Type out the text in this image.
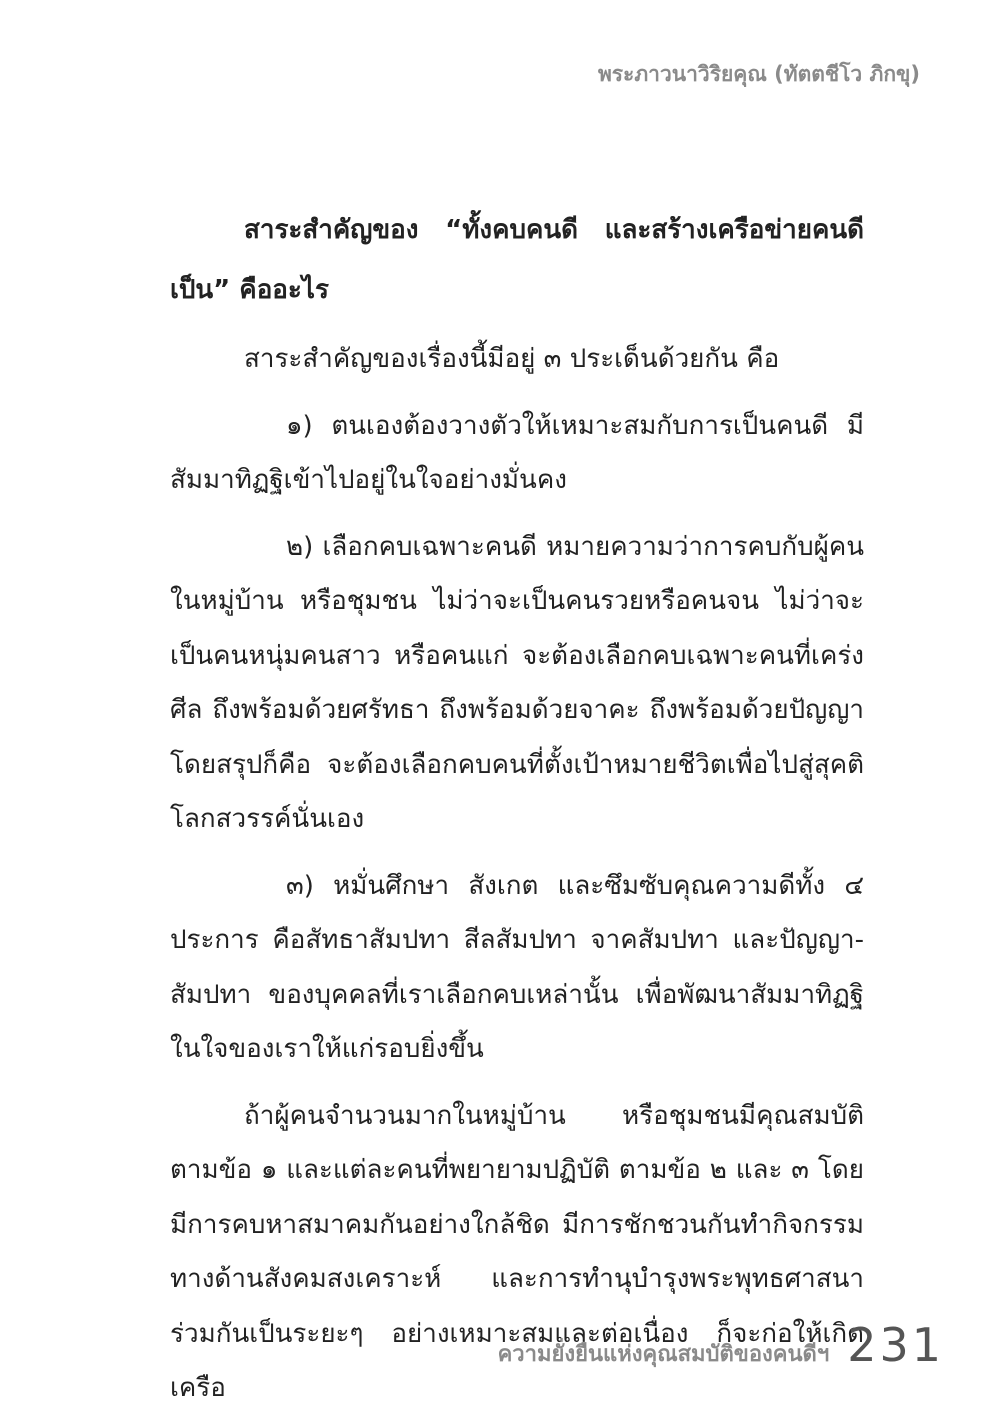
พระภาวนาวิริยคุณ (ทัตตชีโว ภิกขุ)

สาระสำคัญของ “ทั้งคบคนดี และสร้างเครือข่ายคนดีเป็น” คืออะไร

สาระสำคัญของเรื่องนี้มีอยู่ ๓ ประเด็นด้วยกัน คือ

๑) ตนเองต้องวางตัวให้เหมาะสมกับการเป็นคนดี มีสัมมาทิฏฐิเข้าไปอยู่ในใจอย่างมั่นคง

๒) เลือกคบเฉพาะคนดี หมายความว่าการคบกับผู้คนในหมู่บ้าน หรือชุมชน ไม่ว่าจะเป็นคนรวยหรือคนจน ไม่ว่าจะเป็นคนหนุ่มคนสาว หรือคนแก่ จะต้องเลือกคบเฉพาะคนที่เคร่งศีล ถึงพร้อมด้วยศรัทธา ถึงพร้อมด้วยจาคะ ถึงพร้อมด้วยปัญญา โดยสรุปก็คือ จะต้องเลือกคบคนที่ตั้งเป้าหมายชีวิตเพื่อไปสู่สุคติโลกสวรรค์นั่นเอง

๓) หมั่นศึกษา สังเกต และซึมซับคุณความดีทั้ง ๔ ประการ คือสัทธาสัมปทา สีลสัมปทา จาคสัมปทา และปัญญา-สัมปทา ของบุคคลที่เราเลือกคบเหล่านั้น เพื่อพัฒนาสัมมาทิฏฐิในใจของเราให้แก่รอบยิ่งขึ้น

ถ้าผู้คนจำนวนมากในหมู่บ้าน หรือชุมชนมีคุณสมบัติตามข้อ ๑ และแต่ละคนที่พยายามปฏิบัติ ตามข้อ ๒ และ ๓ โดยมีการคบหาสมาคมกันอย่างใกล้ชิด มีการชักชวนกันทำกิจกรรมทางด้านสังคมสงเคราะห์ และการทำนุบำรุงพระพุทธศาสนาร่วมกันเป็นระยะๆ อย่างเหมาะสมและต่อเนื่อง ก็จะก่อให้เกิดเครือ

ความยั่งยืนแห่งคุณสมบัติของคนดีฯ 231
